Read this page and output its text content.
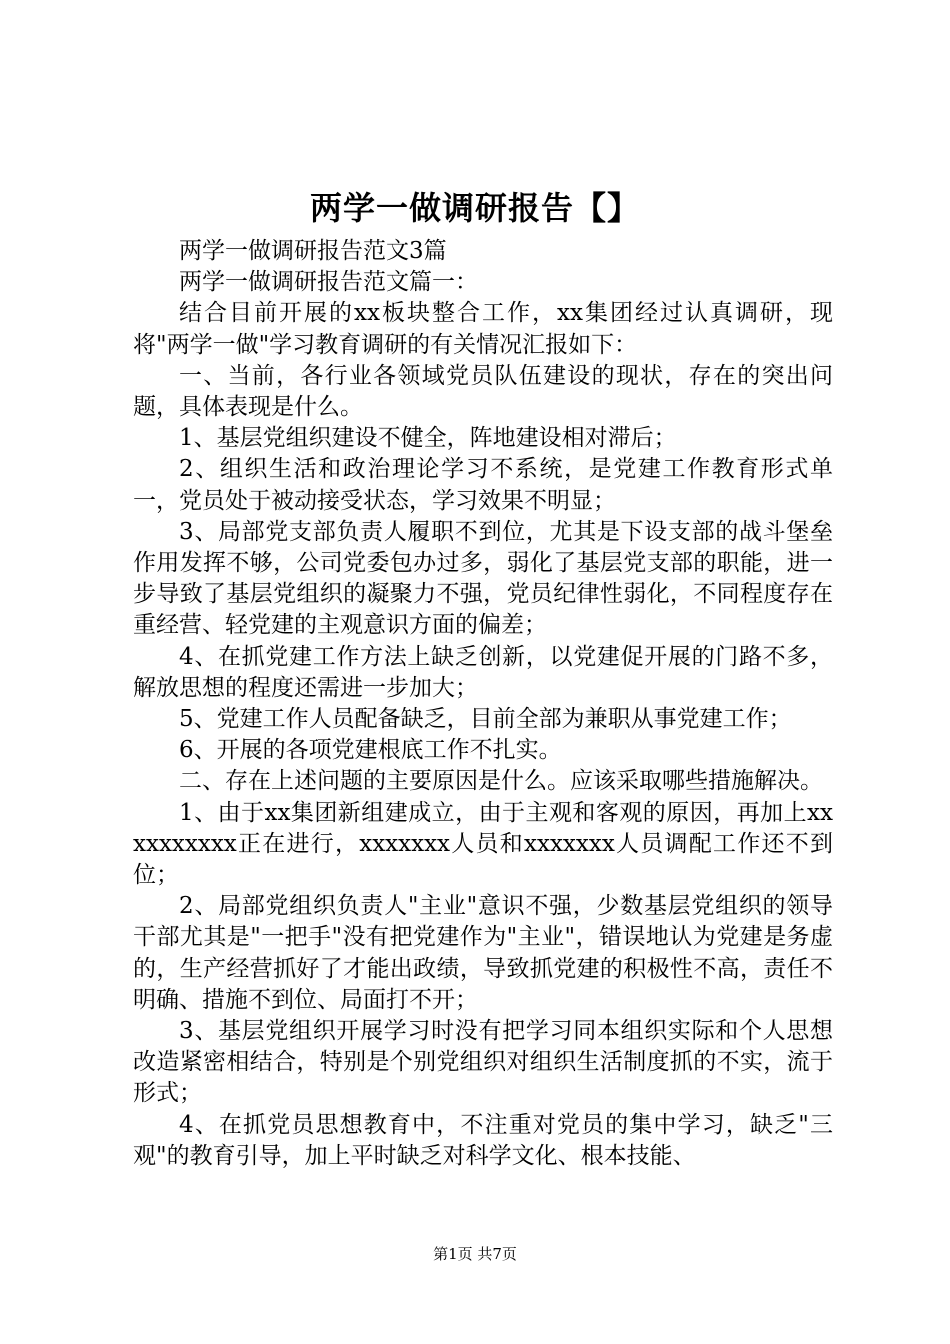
两学一做调研报告【】

两学一做调研报告范文3篇

两学一做调研报告范文篇一：

结合目前开展的xx板块整合工作，xx集团经过认真调研，现将"两学一做"学习教育调研的有关情况汇报如下：

一、当前，各行业各领域党员队伍建设的现状，存在的突出问题，具体表现是什么。

1、基层党组织建设不健全，阵地建设相对滞后；

2、组织生活和政治理论学习不系统，是党建工作教育形式单一，党员处于被动接受状态，学习效果不明显；

3、局部党支部负责人履职不到位，尤其是下设支部的战斗堡垒作用发挥不够，公司党委包办过多，弱化了基层党支部的职能，进一步导致了基层党组织的凝聚力不强，党员纪律性弱化，不同程度存在重经营、轻党建的主观意识方面的偏差；

4、在抓党建工作方法上缺乏创新，以党建促开展的门路不多，解放思想的程度还需进一步加大；

5、党建工作人员配备缺乏，目前全部为兼职从事党建工作；

6、开展的各项党建根底工作不扎实。

二、存在上述问题的主要原因是什么。应该采取哪些措施解决。

1、由于xx集团新组建成立，由于主观和客观的原因，再加上xxxxxxxxxx正在进行，xxxxxxx人员和xxxxxxx人员调配工作还不到位；

2、局部党组织负责人"主业"意识不强，少数基层党组织的领导干部尤其是"一把手"没有把党建作为"主业"，错误地认为党建是务虚的，生产经营抓好了才能出政绩，导致抓党建的积极性不高，责任不明确、措施不到位、局面打不开；

3、基层党组织开展学习时没有把学习同本组织实际和个人思想改造紧密相结合，特别是个别党组织对组织生活制度抓的不实，流于形式；

4、在抓党员思想教育中，不注重对党员的集中学习，缺乏"三观"的教育引导，加上平时缺乏对科学文化、根本技能、

第1页 共7页
